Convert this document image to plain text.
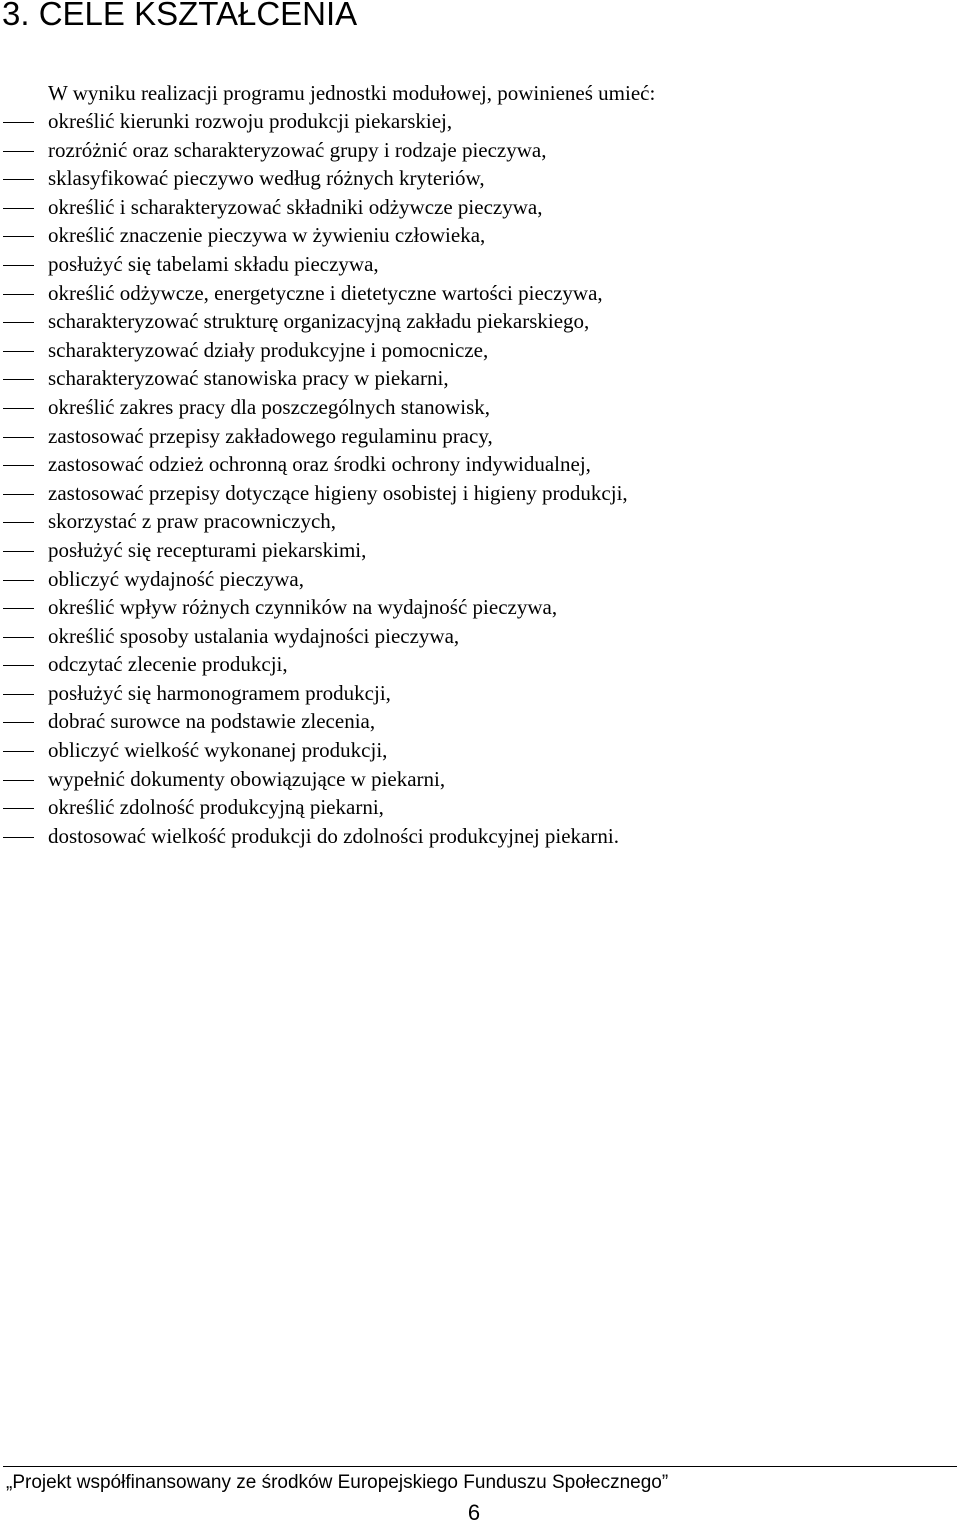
3. CELE KSZTAŁCENIA

W wyniku realizacji programu jednostki modułowej, powinieneś umieć:

określić kierunki rozwoju produkcji piekarskiej,
rozróżnić oraz scharakteryzować grupy i rodzaje pieczywa,
sklasyfikować pieczywo według różnych kryteriów,
określić i scharakteryzować składniki odżywcze pieczywa,
określić znaczenie pieczywa w żywieniu człowieka,
posłużyć się tabelami składu pieczywa,
określić odżywcze, energetyczne i dietetyczne wartości pieczywa,
scharakteryzować strukturę organizacyjną zakładu piekarskiego,
scharakteryzować działy produkcyjne i pomocnicze,
scharakteryzować stanowiska pracy w piekarni,
określić zakres pracy dla poszczególnych stanowisk,
zastosować przepisy zakładowego regulaminu pracy,
zastosować odzież ochronną oraz środki ochrony indywidualnej,
zastosować przepisy dotyczące higieny osobistej i higieny produkcji,
skorzystać z praw pracowniczych,
posłużyć się recepturami piekarskimi,
obliczyć wydajność pieczywa,
określić wpływ różnych czynników na wydajność pieczywa,
określić sposoby ustalania wydajności pieczywa,
odczytać zlecenie produkcji,
posłużyć się harmonogramem produkcji,
dobrać surowce na podstawie zlecenia,
obliczyć wielkość wykonanej produkcji,
wypełnić dokumenty obowiązujące w piekarni,
określić zdolność produkcyjną piekarni,
dostosować wielkość produkcji do zdolności produkcyjnej piekarni.

„Projekt współfinansowany ze środków Europejskiego Funduszu Społecznego”

6
